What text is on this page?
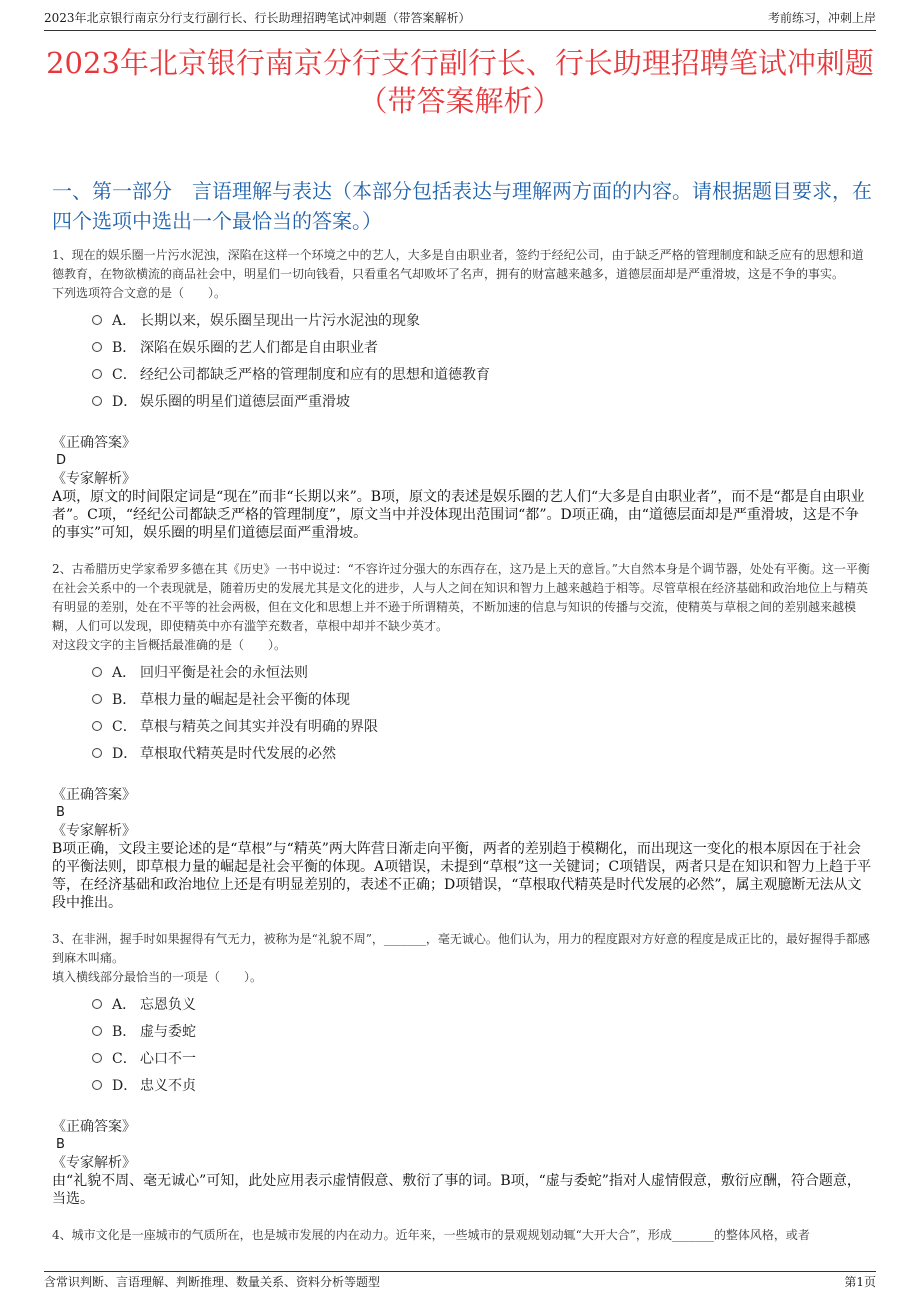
2023年北京银行南京分行支行副行长、行长助理招聘笔试冲刺题（带答案解析）	考前练习，冲刺上岸
2023年北京银行南京分行支行副行长、行长助理招聘笔试冲刺题（带答案解析）
一、第一部分　言语理解与表达（本部分包括表达与理解两方面的内容。请根据题目要求，在四个选项中选出一个最恰当的答案。）

1、现在的娱乐圈一片污水泥浊，深陷在这样一个环境之中的艺人，大多是自由职业者，签约于经纪公司，由于缺乏严格的管理制度和缺乏应有的思想和道德教育，在物欲横流的商品社会中，明星们一切向钱看，只看重名气却败坏了名声，拥有的财富越来越多，道德层面却是严重滑坡，这是不争的事实。

下列选项符合文意的是（　　）。

A． 长期以来，娱乐圈呈现出一片污水泥浊的现象
B． 深陷在娱乐圈的艺人们都是自由职业者
C． 经纪公司都缺乏严格的管理制度和应有的思想和道德教育
D． 娱乐圈的明星们道德层面严重滑坡
《正确答案》
D
《专家解析》

A项，原文的时间限定词是“现在”而非“长期以来”。B项，原文的表述是娱乐圈的艺人们“大多是自由职业者”，而不是“都是自由职业者”。C项，“经纪公司都缺乏严格的管理制度”，原文当中并没体现出范围词“都”。D项正确，由“道德层面却是严重滑坡，这是不争的事实”可知，娱乐圈的明星们道德层面严重滑坡。

2、古希腊历史学家希罗多德在其《历史》一书中说过：“不容许过分强大的东西存在，这乃是上天的意旨。”大自然本身是个调节器，处处有平衡。这一平衡在社会关系中的一个表现就是，随着历史的发展尤其是文化的进步，人与人之间在知识和智力上越来越趋于相等。尽管草根在经济基础和政治地位上与精英有明显的差别，处在不平等的社会两极，但在文化和思想上并不逊于所谓精英，不断加速的信息与知识的传播与交流，使精英与草根之间的差别越来越模糊，人们可以发现，即使精英中亦有滥竽充数者，草根中却并不缺少英才。

对这段文字的主旨概括最准确的是（　　）。

A． 回归平衡是社会的永恒法则
B． 草根力量的崛起是社会平衡的体现
C． 草根与精英之间其实并没有明确的界限
D． 草根取代精英是时代发展的必然
《正确答案》
B
《专家解析》

B项正确，文段主要论述的是“草根”与“精英”两大阵营日渐走向平衡，两者的差别趋于模糊化，而出现这一变化的根本原因在于社会的平衡法则，即草根力量的崛起是社会平衡的体现。A项错误，未提到“草根”这一关键词；C项错误，两者只是在知识和智力上趋于平等，在经济基础和政治地位上还是有明显差别的，表述不正确；D项错误，“草根取代精英是时代发展的必然”，属主观臆断无法从文段中推出。

3、在非洲，握手时如果握得有气无力，被称为是“礼貌不周”，_______，毫无诚心。他们认为，用力的程度跟对方好意的程度是成正比的，最好握得手都感到麻木叫痛。

填入横线部分最恰当的一项是（　　）。

A． 忘恩负义
B． 虚与委蛇
C． 心口不一
D． 忠义不贞
《正确答案》
B
《专家解析》

由“礼貌不周、毫无诚心”可知，此处应用表示虚情假意、敷衍了事的词。B项，“虚与委蛇”指对人虚情假意，敷衍应酬，符合题意，当选。

4、城市文化是一座城市的气质所在，也是城市发展的内在动力。近年来，一些城市的景观规划动辄“大开大合”，形成_______的整体风格，或者

含常识判断、言语理解、判断推理、数量关系、资料分析等题型	第1页
